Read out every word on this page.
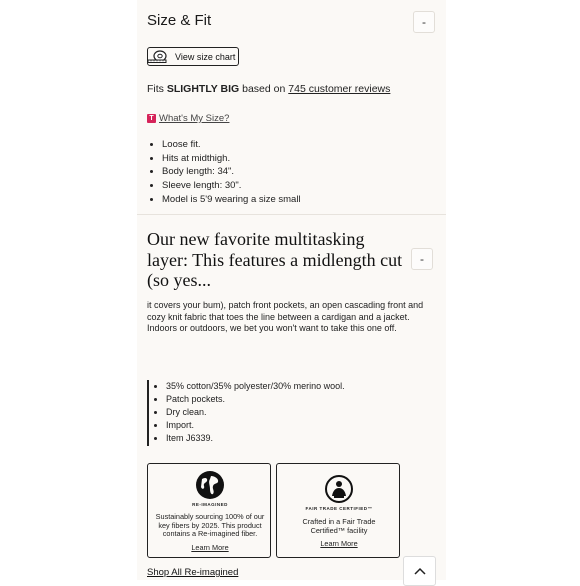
Size & Fit	-
View size chart
Fits SLIGHTLY BIG based on 745 customer reviews
T What's My Size?
• Loose fit.
• Hits at midthigh.
• Body length: 34".
• Sleeve length: 30".
• Model is 5'9 wearing a size small
Our new favorite multitasking layer: This features a midlength cut (so yes...
-
it covers your bum), patch front pockets, an open cascading front and cozy knit fabric that toes the line between a cardigan and a jacket. Indoors or outdoors, we bet you won't want to take this one off.
• 35% cotton/35% polyester/30% merino wool.
• Patch pockets.
• Dry clean.
• Import.
• Item J6339.
RE-IMAGINED
Sustainably sourcing 100% of our key fibers by 2025. This product contains a Re-imagined fiber.
Learn More
FAIR TRADE CERTIFIED™
Crafted in a Fair Trade Certified™ facility
Learn More
Shop All Re-imagined
